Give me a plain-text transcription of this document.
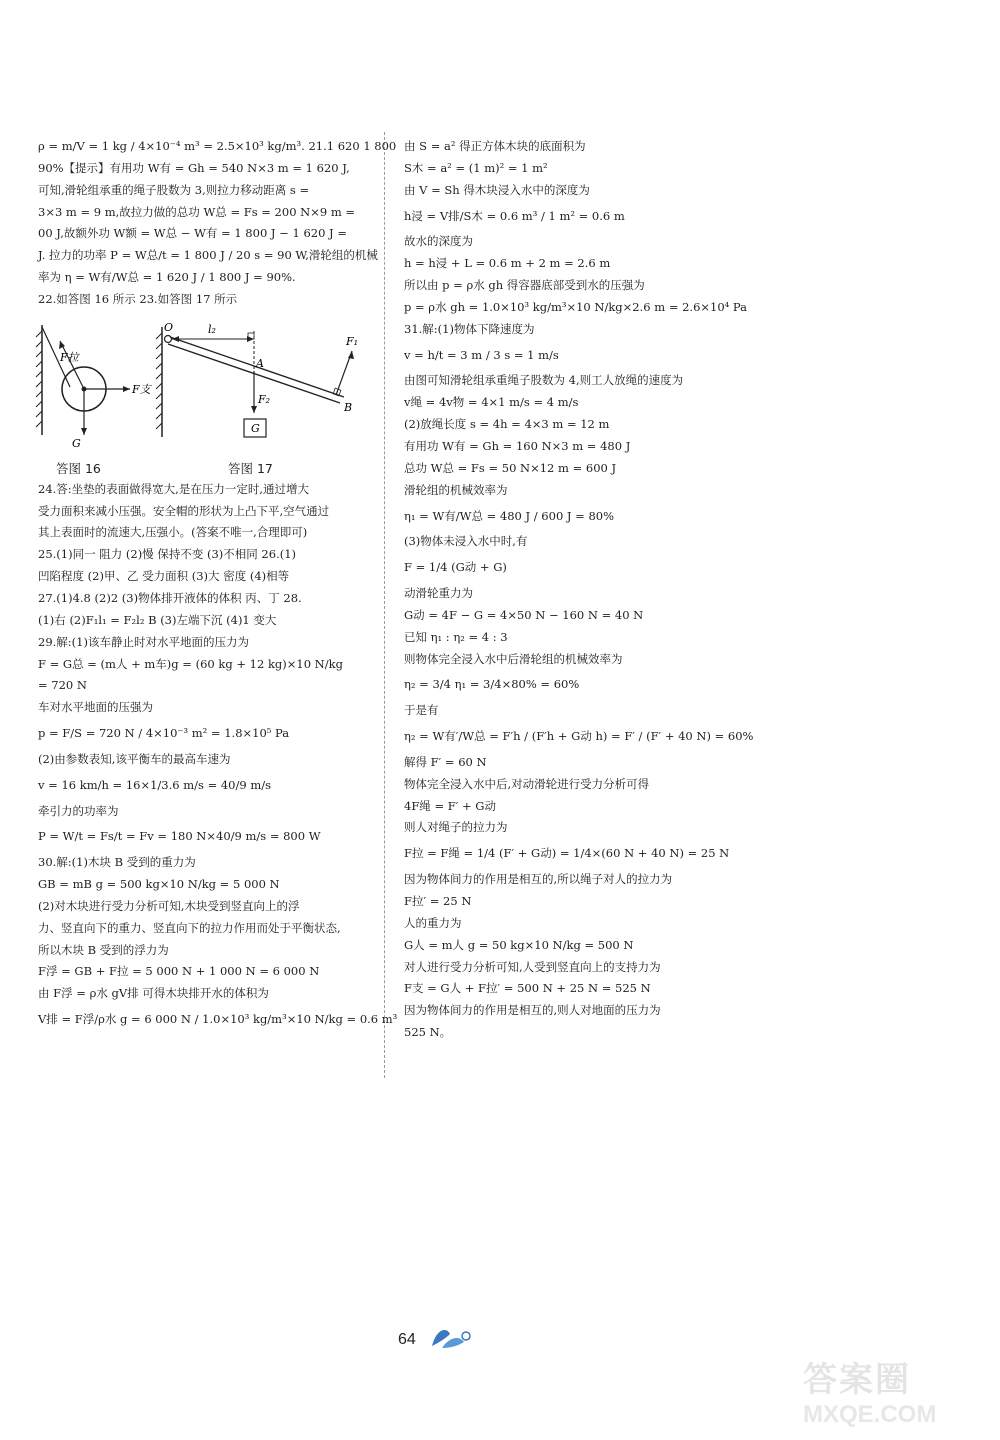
ρ = m/V = 1 kg / 4×10⁻⁴ m³ = 2.5×10³ kg/m³. 21.1 620 1 800
90%【提示】有用功 W有 = Gh = 540 N×3 m = 1 620 J,
可知,滑轮组承重的绳子股数为 3,则拉力移动距离 s =
3×3 m = 9 m,故拉力做的总功 W总 = Fs = 200 N×9 m =
00 J,故额外功 W额 = W总 − W有 = 1 800 J − 1 620 J =
J. 拉力的功率 P = W总/t = 1 800 J / 20 s = 90 W,滑轮组的机械
率为 η = W有/W总 = 1 620 J / 1 800 J = 90%.
22.如答图 16 所示 23.如答图 17 所示
F拉
F支
G
答图 16
O	l₂
A
B
F₁
F₂
G
答图 17
24.答:坐垫的表面做得宽大,是在压力一定时,通过增大
受力面积来减小压强。安全帽的形状为上凸下平,空气通过
其上表面时的流速大,压强小。(答案不唯一,合理即可)
25.(1)同一 阻力 (2)慢 保持不变 (3)不相同 26.(1)
凹陷程度 (2)甲、乙 受力面积 (3)大 密度 (4)相等
27.(1)4.8 (2)2 (3)物体排开液体的体积 丙、丁 28.
(1)右 (2)F₁l₁ = F₂l₂ B (3)左端下沉 (4)1 变大
29.解:(1)该车静止时对水平地面的压力为
F = G总 = (m人 + m车)g = (60 kg + 12 kg)×10 N/kg
= 720 N
车对水平地面的压强为
p = F/S = 720 N / 4×10⁻³ m² = 1.8×10⁵ Pa
(2)由参数表知,该平衡车的最高车速为
v = 16 km/h = 16×1/3.6 m/s = 40/9 m/s
牵引力的功率为
P = W/t = Fs/t = Fv = 180 N×40/9 m/s = 800 W
30.解:(1)木块 B 受到的重力为
GB = mB g = 500 kg×10 N/kg = 5 000 N
(2)对木块进行受力分析可知,木块受到竖直向上的浮
力、竖直向下的重力、竖直向下的拉力作用而处于平衡状态,
所以木块 B 受到的浮力为
F浮 = GB + F拉 = 5 000 N + 1 000 N = 6 000 N
由 F浮 = ρ水 gV排 可得木块排开水的体积为
V排 = F浮/ρ水 g = 6 000 N / 1.0×10³ kg/m³×10 N/kg = 0.6 m³
由 S = a² 得正方体木块的底面积为
S木 = a² = (1 m)² = 1 m²
由 V = Sh 得木块浸入水中的深度为
h浸 = V排/S木 = 0.6 m³ / 1 m² = 0.6 m
故水的深度为
h = h浸 + L = 0.6 m + 2 m = 2.6 m
所以由 p = ρ水 gh 得容器底部受到水的压强为
p = ρ水 gh = 1.0×10³ kg/m³×10 N/kg×2.6 m = 2.6×10⁴ Pa
31.解:(1)物体下降速度为
v = h/t = 3 m / 3 s = 1 m/s
由图可知滑轮组承重绳子股数为 4,则工人放绳的速度为
v绳 = 4v物 = 4×1 m/s = 4 m/s
(2)放绳长度 s = 4h = 4×3 m = 12 m
有用功 W有 = Gh = 160 N×3 m = 480 J
总功 W总 = Fs = 50 N×12 m = 600 J
滑轮组的机械效率为
η₁ = W有/W总 = 480 J / 600 J = 80%
(3)物体未浸入水中时,有
F = 1/4 (G动 + G)
动滑轮重力为
G动 = 4F − G = 4×50 N − 160 N = 40 N
已知 η₁ : η₂ = 4 : 3
则物体完全浸入水中后滑轮组的机械效率为
η₂ = 3/4 η₁ = 3/4×80% = 60%
于是有
η₂ = W有′/W总 = F′h / (F′h + G动 h) = F′ / (F′ + 40 N) = 60%
解得 F′ = 60 N
物体完全浸入水中后,对动滑轮进行受力分析可得
4F绳 = F′ + G动
则人对绳子的拉力为
F拉 = F绳 = 1/4 (F′ + G动) = 1/4×(60 N + 40 N) = 25 N
因为物体间力的作用是相互的,所以绳子对人的拉力为
F拉′ = 25 N
人的重力为
G人 = m人 g = 50 kg×10 N/kg = 500 N
对人进行受力分析可知,人受到竖直向上的支持力为
F支 = G人 + F拉′ = 500 N + 25 N = 525 N
因为物体间力的作用是相互的,则人对地面的压力为
525 N。
64
答案圈
MXQE.COM
